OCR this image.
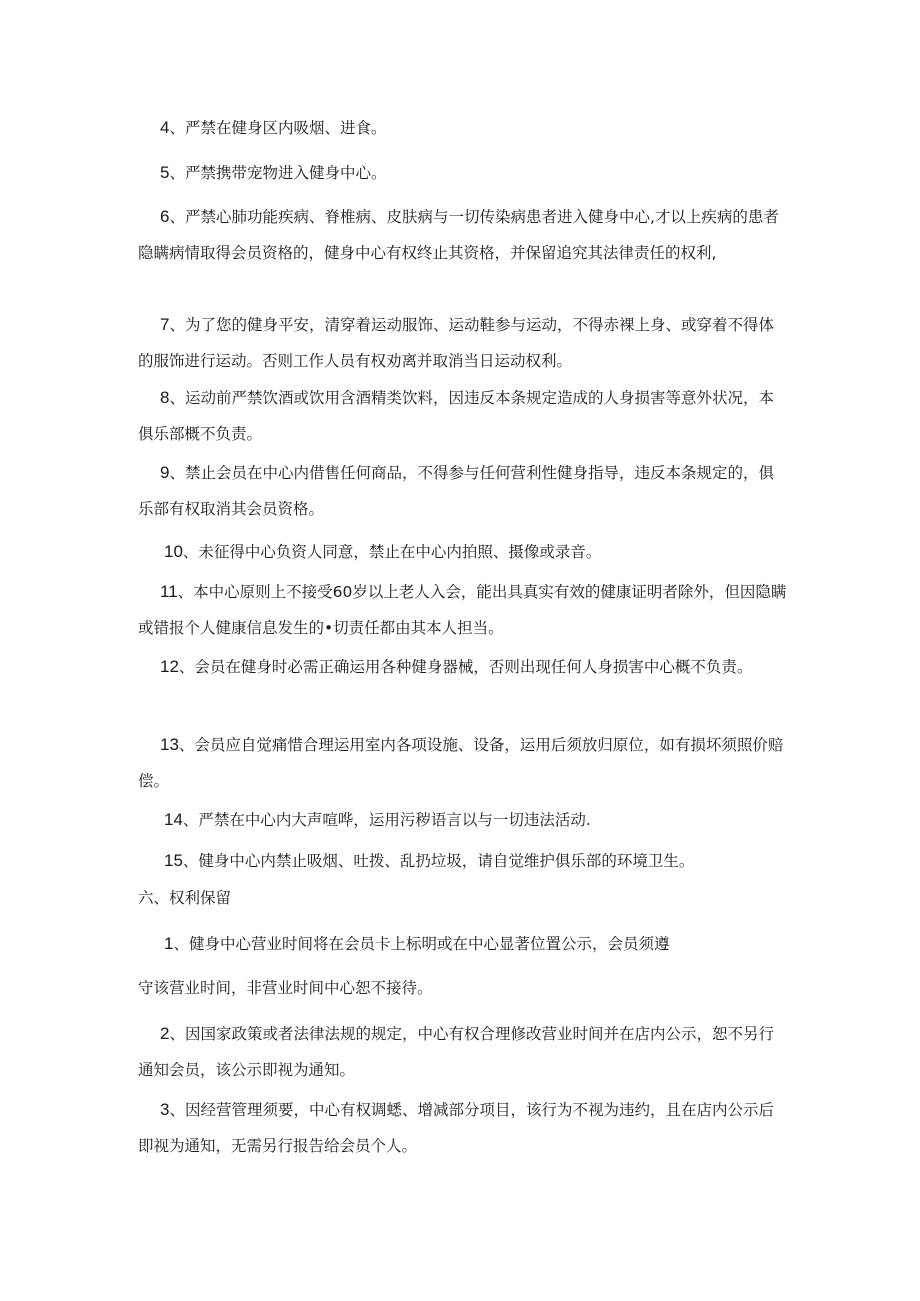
4、严禁在健身区内吸烟、进食。

5、严禁携带宠物进入健身中心。

6、严禁心肺功能疾病、脊椎病、皮肤病与一切传染病患者进入健身中心,才以上疾病的患者隐瞒病情取得会员资格的，健身中心有权终止其资格，并保留追究其法律责任的权利,

7、为了您的健身平安，清穿着运动服饰、运动鞋参与运动，不得赤裸上身、或穿着不得体的服饰进行运动。否则工作人员有权劝离并取消当日运动权利。

8、运动前严禁饮酒或饮用含酒精类饮料，因违反本条规定造成的人身损害等意外状况，本俱乐部概不负责。

9、禁止会员在中心内借售任何商品，不得参与任何营利性健身指导，违反本条规定的，俱乐部有权取消其会员资格。

10、未征得中心负资人同意，禁止在中心内拍照、摄像或录音。

11、本中心原则上不接受60岁以上老人入会，能出具真实有效的健康证明者除外，但因隐瞒或错报个人健康信息发生的•切责任都由其本人担当。

12、会员在健身时必需正确运用各种健身器械，否则出现任何人身损害中心概不负责。

13、会员应自觉痛惜合理运用室内各项设施、设备，运用后须放归原位，如有损坏须照价赔偿。

14、严禁在中心内大声喧哗，运用污秽语言以与一切违法活动.

15、健身中心内禁止吸烟、吐拨、乱扔垃圾，请自觉维护俱乐部的环境卫生。

六、权利保留

1、健身中心营业时间将在会员卡上标明或在中心显著位置公示，会员须遵

守该营业时间，非营业时间中心恕不接待。

2、因国家政策或者法律法规的规定，中心有权合理修改营业时间并在店内公示，恕不另行通知会员，该公示即视为通知。

3、因经营管理须要，中心有权调蟋、增减部分项目，该行为不视为违约，且在店内公示后即视为通知，无需另行报告给会员个人。
